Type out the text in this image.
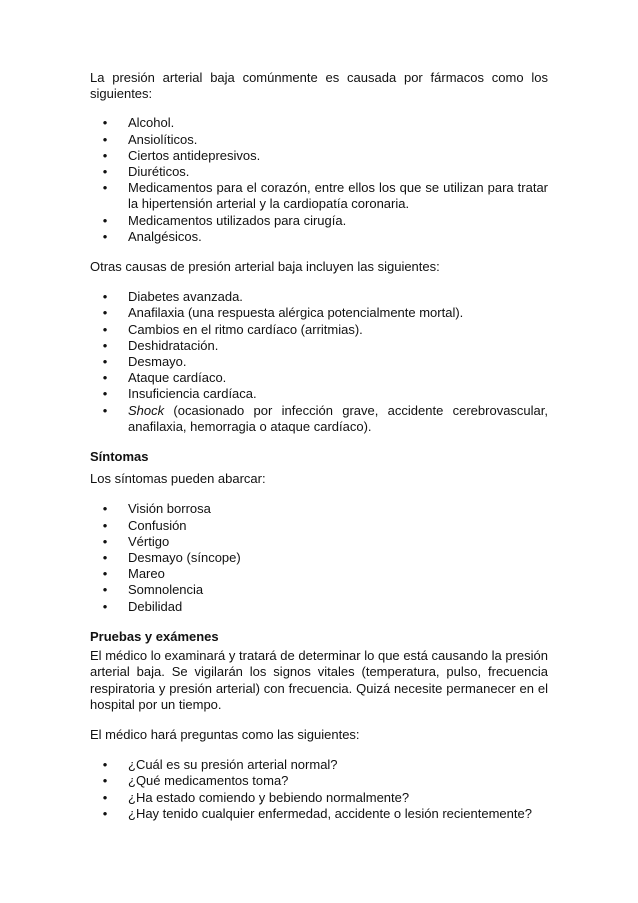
La presión arterial baja comúnmente es causada por fármacos como los siguientes:

• Alcohol.
• Ansiolíticos.
• Ciertos antidepresivos.
• Diuréticos.
• Medicamentos para el corazón, entre ellos los que se utilizan para tratar la hipertensión arterial y la cardiopatía coronaria.
• Medicamentos utilizados para cirugía.
• Analgésicos.

Otras causas de presión arterial baja incluyen las siguientes:

• Diabetes avanzada.
• Anafilaxia (una respuesta alérgica potencialmente mortal).
• Cambios en el ritmo cardíaco (arritmias).
• Deshidratación.
• Desmayo.
• Ataque cardíaco.
• Insuficiencia cardíaca.
• Shock (ocasionado por infección grave, accidente cerebrovascular, anafilaxia, hemorragia o ataque cardíaco).
Síntomas

Los síntomas pueden abarcar:

• Visión borrosa
• Confusión
• Vértigo
• Desmayo (síncope)
• Mareo
• Somnolencia
• Debilidad
Pruebas y exámenes

El médico lo examinará y tratará de determinar lo que está causando la presión arterial baja. Se vigilarán los signos vitales (temperatura, pulso, frecuencia respiratoria y presión arterial) con frecuencia. Quizá necesite permanecer en el hospital por un tiempo.

El médico hará preguntas como las siguientes:

• ¿Cuál es su presión arterial normal?
• ¿Qué medicamentos toma?
• ¿Ha estado comiendo y bebiendo normalmente?
• ¿Hay tenido cualquier enfermedad, accidente o lesión recientemente?
